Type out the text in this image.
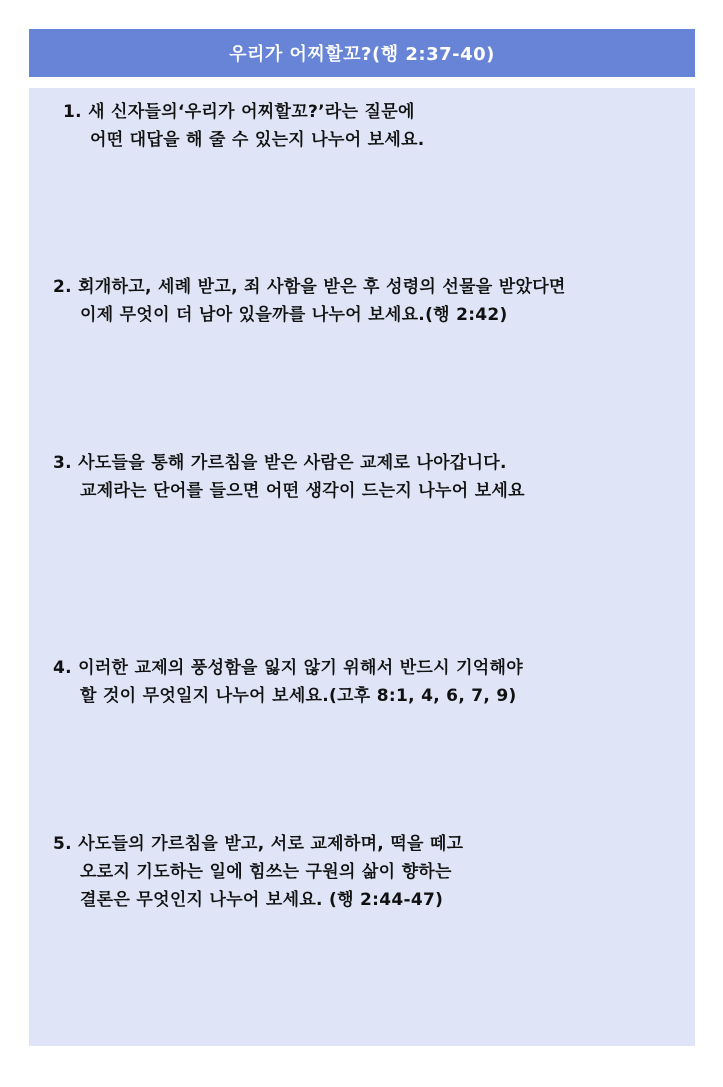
우리가 어찌할꼬?(행 2:37-40)
1. 새 신자들의‘우리가 어찌할꼬?’라는 질문에
어떤 대답을 해 줄 수 있는지 나누어 보세요.
2. 회개하고, 세례 받고, 죄 사함을 받은 후 성령의 선물을 받았다면
이제 무엇이 더 남아 있을까를 나누어 보세요.(행 2:42)
3. 사도들을 통해 가르침을 받은 사람은 교제로 나아갑니다.
교제라는 단어를 들으면 어떤 생각이 드는지 나누어 보세요
4. 이러한 교제의 풍성함을 잃지 않기 위해서 반드시 기억해야
할 것이 무엇일지 나누어 보세요.(고후 8:1, 4, 6, 7, 9)
5. 사도들의 가르침을 받고, 서로 교제하며, 떡을 떼고
오로지 기도하는 일에 힘쓰는 구원의 삶이 향하는
결론은 무엇인지 나누어 보세요. (행 2:44-47)
